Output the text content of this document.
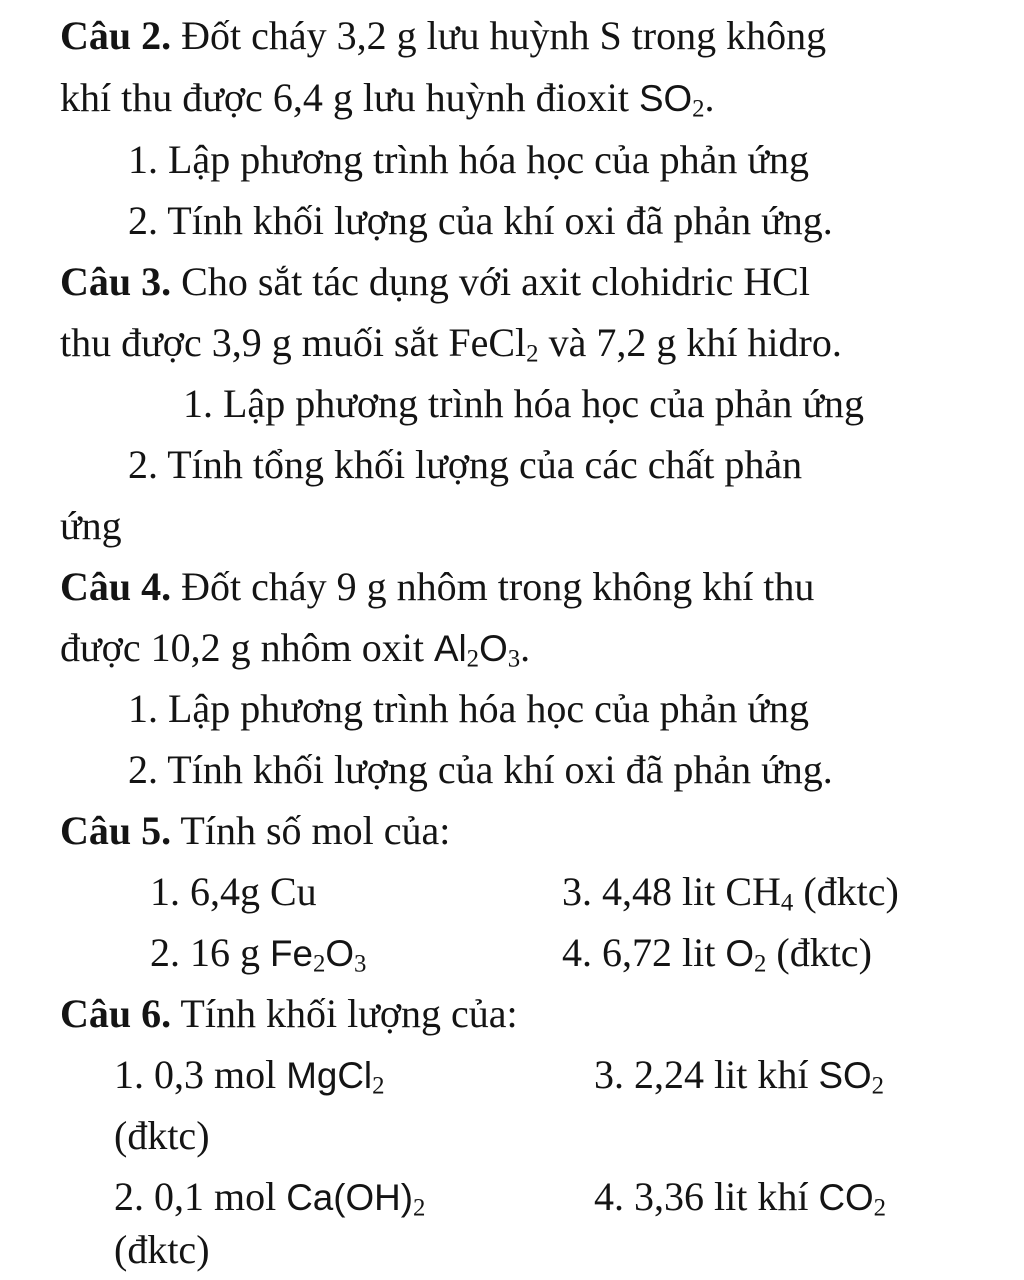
Câu 2. Đốt cháy 3,2 g lưu huỳnh S trong không
khí thu được 6,4 g lưu huỳnh đioxit $SO_2$.
1. Lập phương trình hóa học của phản ứng
2. Tính khối lượng của khí oxi đã phản ứng.
Câu 3. Cho sắt tác dụng với axit clohidric HCl
thu được 3,9 g muối sắt FeCl$_2$ và 7,2 g khí hidro.
1. Lập phương trình hóa học của phản ứng
2. Tính tổng khối lượng của các chất phản
ứng
Câu 4. Đốt cháy 9 g nhôm trong không khí thu
được 10,2 g nhôm oxit $Al_2O_3$.
1. Lập phương trình hóa học của phản ứng
2. Tính khối lượng của khí oxi đã phản ứng.
Câu 5. Tính số mol của:
1. 6,4g Cu	3. 4,48 lit $CH_4$ (đktc)
2. 16 g $Fe_2O_3$	4. 6,72 lit $O_2$ (đktc)
Câu 6. Tính khối lượng của:
1. 0,3 mol MgCl$_2$	3. 2,24 lit khí $SO_2$
(đktc)
2. 0,1 mol $Ca(OH)_2$	4. 3,36 lit khí $CO_2$
(đktc)
